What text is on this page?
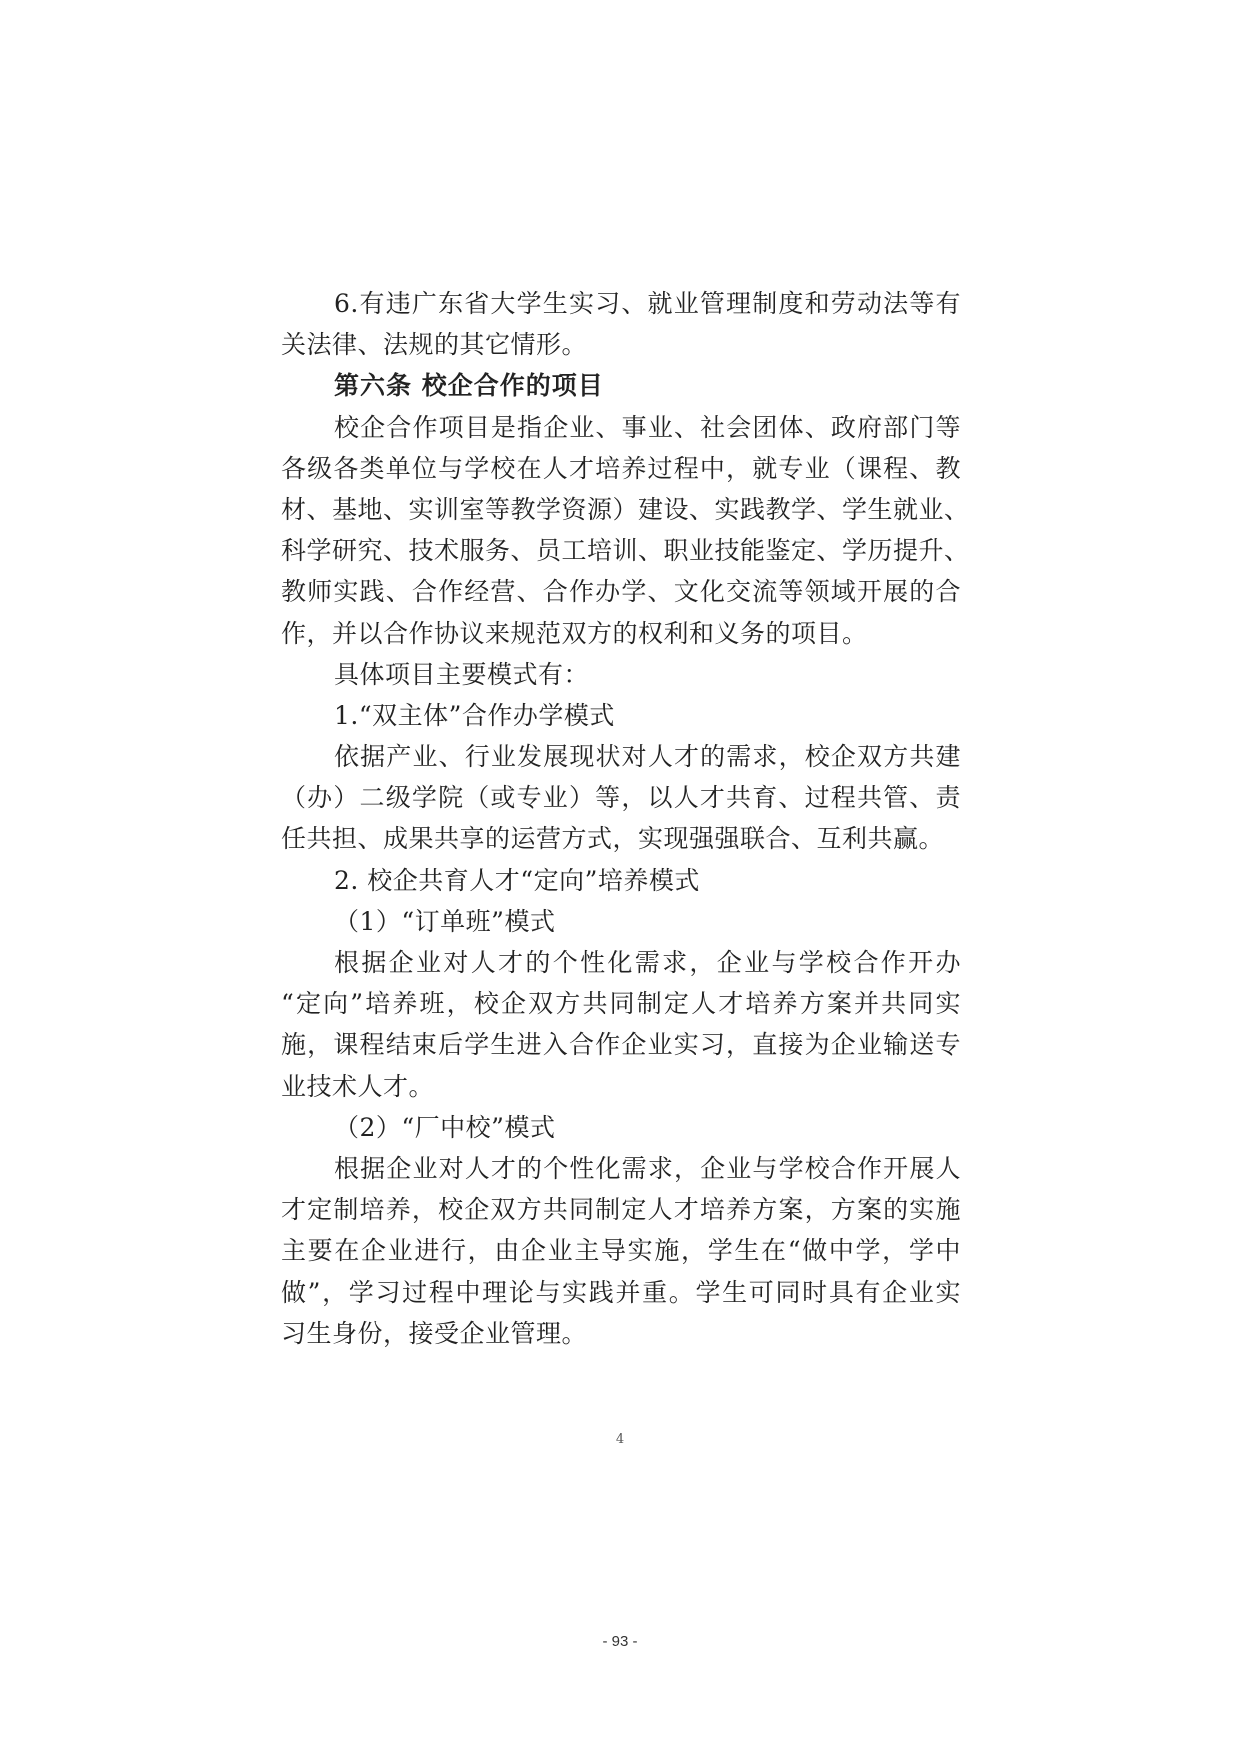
6.有违广东省大学生实习、就业管理制度和劳动法等有
关法律、法规的其它情形。
第六条 校企合作的项目
校企合作项目是指企业、事业、社会团体、政府部门等
各级各类单位与学校在人才培养过程中，就专业（课程、教
材、基地、实训室等教学资源）建设、实践教学、学生就业、
科学研究、技术服务、员工培训、职业技能鉴定、学历提升、
教师实践、合作经营、合作办学、文化交流等领域开展的合
作，并以合作协议来规范双方的权利和义务的项目。
具体项目主要模式有：
1.“双主体”合作办学模式
依据产业、行业发展现状对人才的需求，校企双方共建
（办）二级学院（或专业）等，以人才共育、过程共管、责
任共担、成果共享的运营方式，实现强强联合、互利共赢。
2. 校企共育人才“定向”培养模式
（1）“订单班”模式
根据企业对人才的个性化需求，企业与学校合作开办
“定向”培养班，校企双方共同制定人才培养方案并共同实
施，课程结束后学生进入合作企业实习，直接为企业输送专
业技术人才。
（2）“厂中校”模式
根据企业对人才的个性化需求，企业与学校合作开展人
才定制培养，校企双方共同制定人才培养方案，方案的实施
主要在企业进行，由企业主导实施，学生在“做中学，学中
做”，学习过程中理论与实践并重。学生可同时具有企业实
习生身份，接受企业管理。
4
- 93 -
